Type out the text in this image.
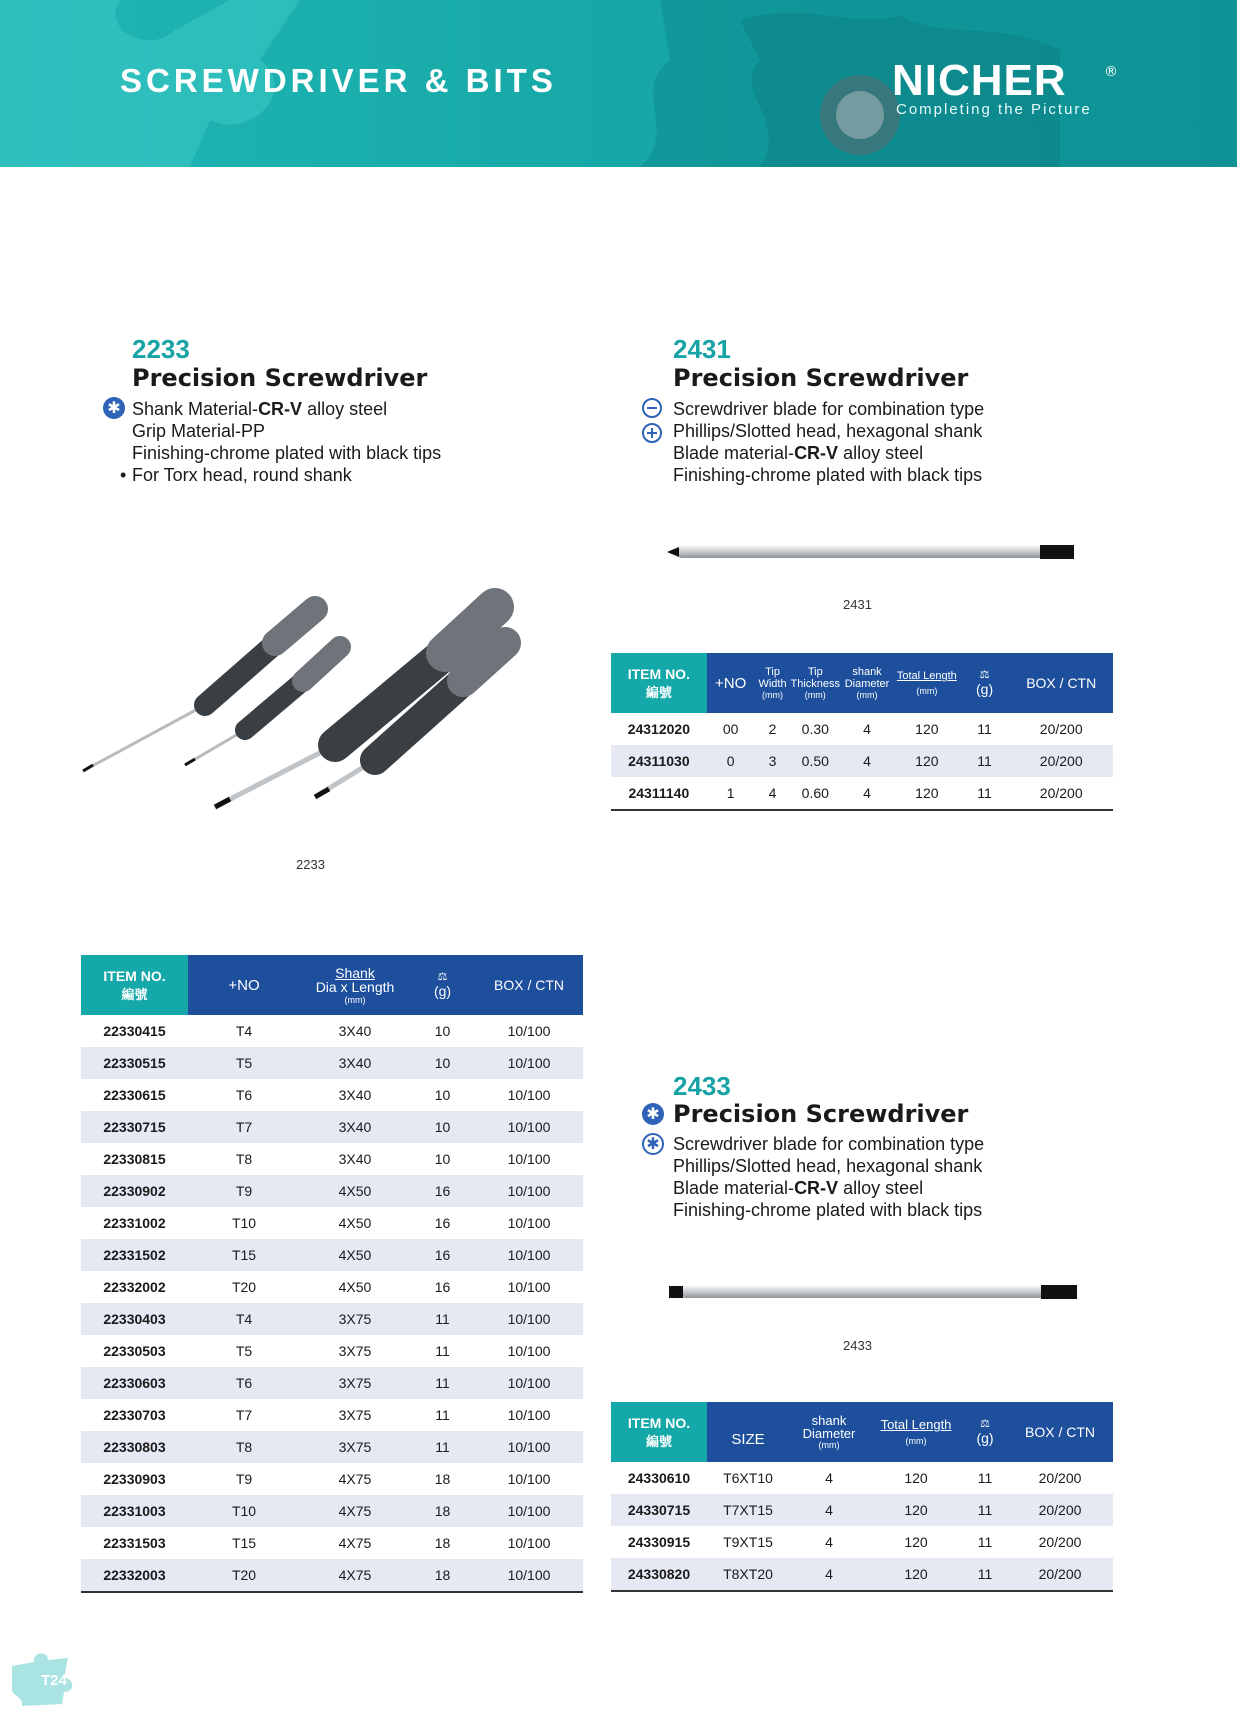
SCREWDRIVER & BITS	NICHER	®
Completing the Picture
2233
Precision Screwdriver
✱ Shank Material-CR-V alloy steel
Grip Material-PP
Finishing-chrome plated with black tips
• For Torx head, round shank
2233
ITEM NO.
編號	+NO	Shank
Dia x Length
(mm)	⚖
(g)	BOX / CTN
22330415	T4	3X40	10	10/100
22330515	T5	3X40	10	10/100
22330615	T6	3X40	10	10/100
22330715	T7	3X40	10	10/100
22330815	T8	3X40	10	10/100
22330902	T9	4X50	16	10/100
22331002	T10	4X50	16	10/100
22331502	T15	4X50	16	10/100
22332002	T20	4X50	16	10/100
22330403	T4	3X75	11	10/100
22330503	T5	3X75	11	10/100
22330603	T6	3X75	11	10/100
22330703	T7	3X75	11	10/100
22330803	T8	3X75	11	10/100
22330903	T9	4X75	18	10/100
22331003	T10	4X75	18	10/100
22331503	T15	4X75	18	10/100
22332003	T20	4X75	18	10/100
2431
Precision Screwdriver
Screwdriver blade for combination type
Phillips/Slotted head, hexagonal shank
Blade material-CR-V alloy steel
Finishing-chrome plated with black tips
2431
ITEM NO.
編號	+NO	Tip
Width
(mm)	Tip
Thickness
(mm)	shank
Diameter
(mm)	Total Length
(mm)	⚖
(g)	BOX / CTN
24312020	00	2	0.30	4	120	11	20/200
24311030	0	3	0.50	4	120	11	20/200
24311140	1	4	0.60	4	120	11	20/200
2433
✱ Precision Screwdriver
✱ Screwdriver blade for combination type
Phillips/Slotted head, hexagonal shank
Blade material-CR-V alloy steel
Finishing-chrome plated with black tips
2433
ITEM NO.
編號	SIZE	shank
Diameter
(mm)	Total Length
(mm)	⚖
(g)	BOX / CTN
24330610	T6XT10	4	120	11	20/200
24330715	T7XT15	4	120	11	20/200
24330915	T9XT15	4	120	11	20/200
24330820	T8XT20	4	120	11	20/200
T24
